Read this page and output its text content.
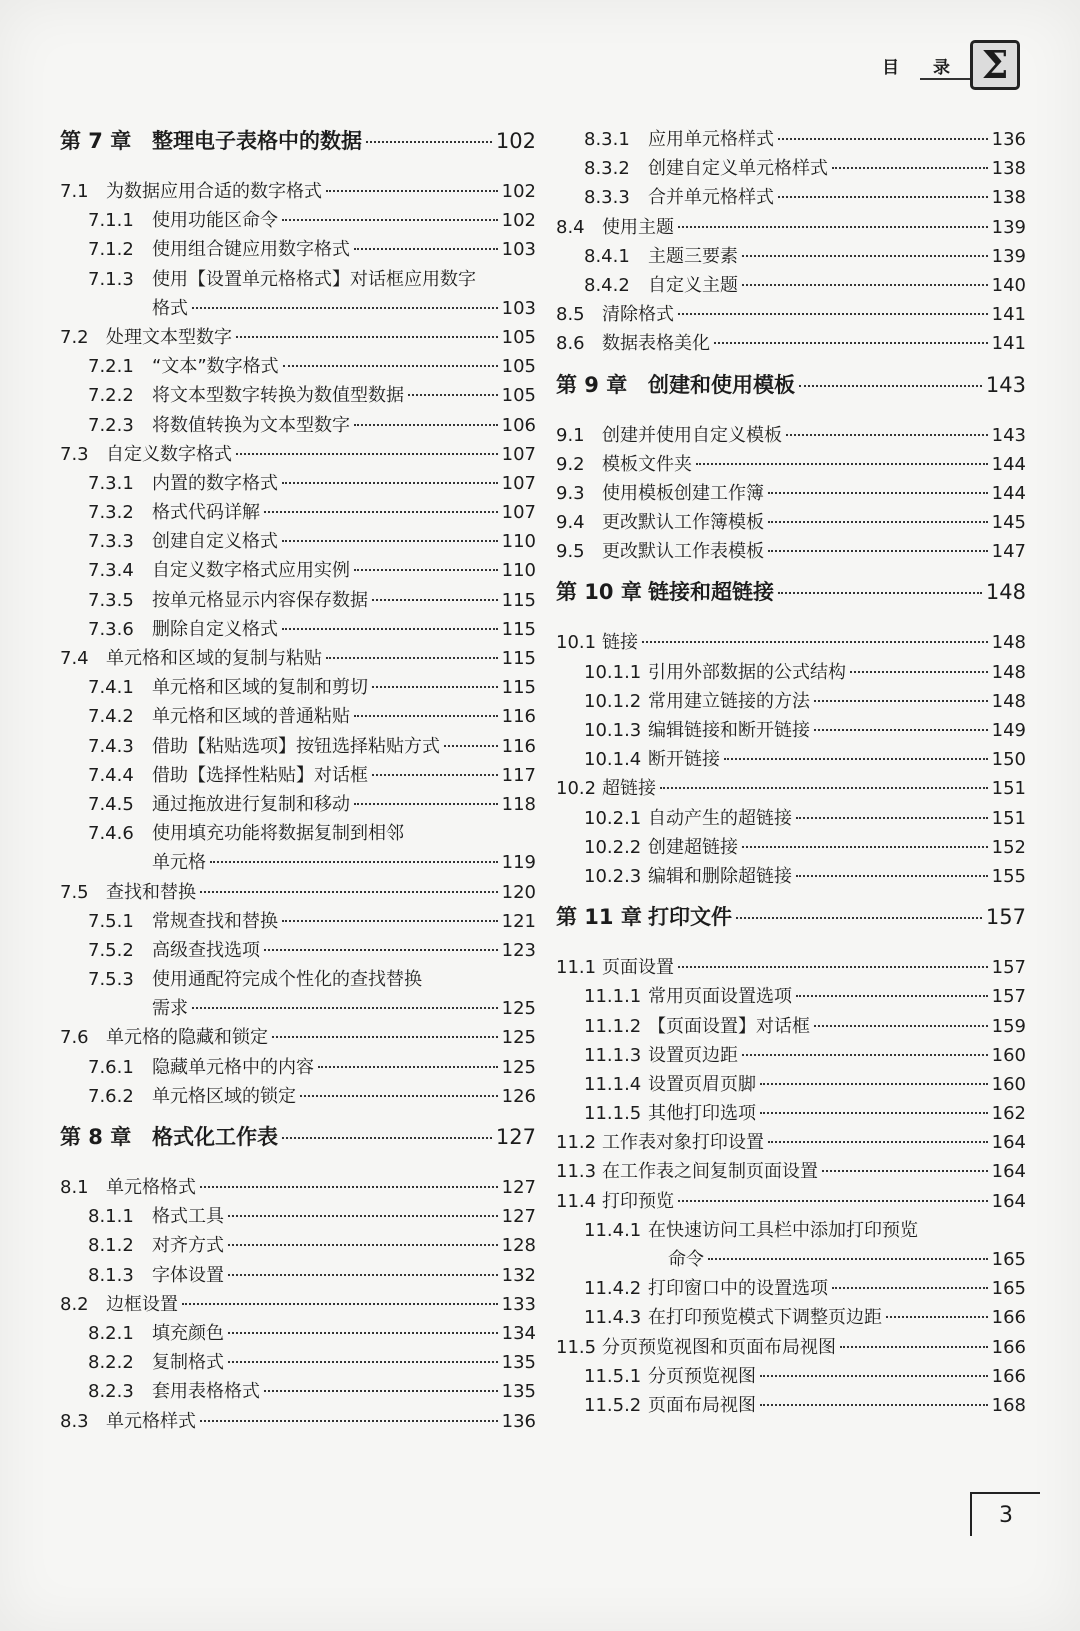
目 录 Σ
第 7 章 整理电子表格中的数据	102
7.1 为数据应用合适的数字格式	102
7.1.1	使用功能区命令	102
7.1.2	使用组合键应用数字格式	103
7.1.3	使用【设置单元格格式】对话框应用数字
格式	103
7.2 处理文本型数字	105
7.2.1	“文本”数字格式	105
7.2.2	将文本型数字转换为数值型数据	105
7.2.3	将数值转换为文本型数字	106
7.3 自定义数字格式	107
7.3.1	内置的数字格式	107
7.3.2	格式代码详解	107
7.3.3	创建自定义格式	110
7.3.4	自定义数字格式应用实例	110
7.3.5	按单元格显示内容保存数据	115
7.3.6	删除自定义格式	115
7.4 单元格和区域的复制与粘贴	115
7.4.1	单元格和区域的复制和剪切	115
7.4.2	单元格和区域的普通粘贴	116
7.4.3	借助【粘贴选项】按钮选择粘贴方式	116
7.4.4	借助【选择性粘贴】对话框	117
7.4.5	通过拖放进行复制和移动	118
7.4.6	使用填充功能将数据复制到相邻
单元格	119
7.5 查找和替换	120
7.5.1	常规查找和替换	121
7.5.2	高级查找选项	123
7.5.3	使用通配符完成个性化的查找替换
需求	125
7.6 单元格的隐藏和锁定	125
7.6.1	隐藏单元格中的内容	125
7.6.2	单元格区域的锁定	126
第 8 章 格式化工作表	127
8.1 单元格格式	127
8.1.1	格式工具	127
8.1.2	对齐方式	128
8.1.3	字体设置	132
8.2 边框设置	133
8.2.1	填充颜色	134
8.2.2	复制格式	135
8.2.3	套用表格格式	135
8.3 单元格样式	136
8.3.1	应用单元格样式	136
8.3.2	创建自定义单元格样式	138
8.3.3	合并单元格样式	138
8.4 使用主题	139
8.4.1	主题三要素	139
8.4.2	自定义主题	140
8.5 清除格式	141
8.6 数据表格美化	141
第 9 章 创建和使用模板	143
9.1 创建并使用自定义模板	143
9.2 模板文件夹	144
9.3 使用模板创建工作簿	144
9.4 更改默认工作簿模板	145
9.5 更改默认工作表模板	147
第 10 章 链接和超链接	148
10.1 链接	148
10.1.1 引用外部数据的公式结构	148
10.1.2 常用建立链接的方法	148
10.1.3 编辑链接和断开链接	149
10.1.4 断开链接	150
10.2 超链接	151
10.2.1 自动产生的超链接	151
10.2.2 创建超链接	152
10.2.3 编辑和删除超链接	155
第 11 章 打印文件	157
11.1 页面设置	157
11.1.1 常用页面设置选项	157
11.1.2 【页面设置】对话框	159
11.1.3 设置页边距	160
11.1.4 设置页眉页脚	160
11.1.5 其他打印选项	162
11.2 工作表对象打印设置	164
11.3 在工作表之间复制页面设置	164
11.4 打印预览	164
11.4.1 在快速访问工具栏中添加打印预览
命令	165
11.4.2 打印窗口中的设置选项	165
11.4.3 在打印预览模式下调整页边距	166
11.5 分页预览视图和页面布局视图	166
11.5.1 分页预览视图	166
11.5.2 页面布局视图	168
3
